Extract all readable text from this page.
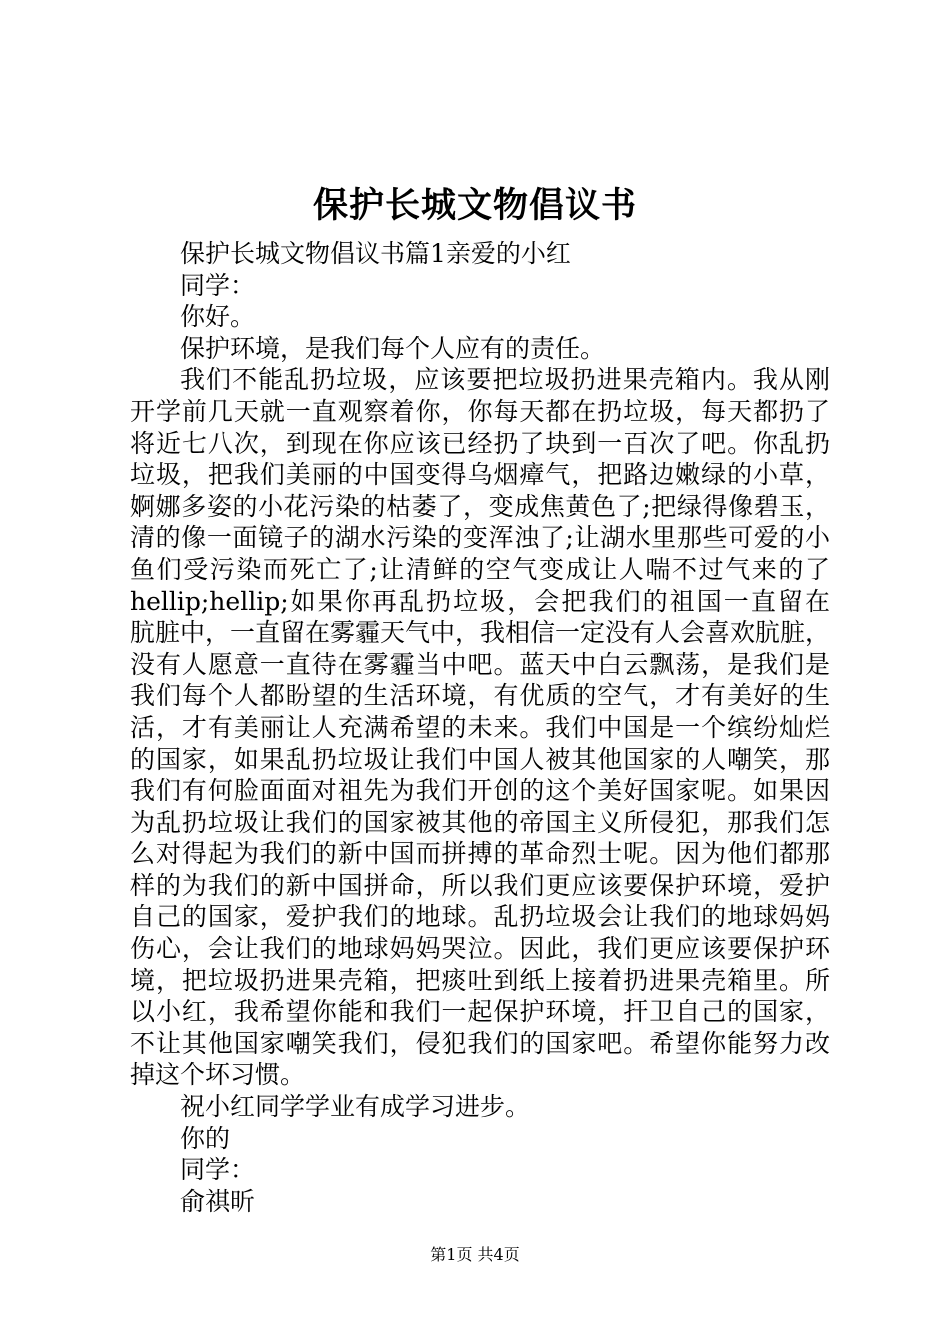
保护长城文物倡议书
保护长城文物倡议书篇1亲爱的小红
同学：
你好。
保护环境，是我们每个人应有的责任。
我们不能乱扔垃圾，应该要把垃圾扔进果壳箱内。我从刚
开学前几天就一直观察着你，你每天都在扔垃圾，每天都扔了
将近七八次，到现在你应该已经扔了块到一百次了吧。你乱扔
垃圾，把我们美丽的中国变得乌烟瘴气，把路边嫩绿的小草，
婀娜多姿的小花污染的枯萎了，变成焦黄色了;把绿得像碧玉，
清的像一面镜子的湖水污染的变浑浊了;让湖水里那些可爱的小
鱼们受污染而死亡了;让清鲜的空气变成让人喘不过气来的了
hellip;hellip;如果你再乱扔垃圾，会把我们的祖国一直留在
肮脏中，一直留在雾霾天气中，我相信一定没有人会喜欢肮脏，
没有人愿意一直待在雾霾当中吧。蓝天中白云飘荡，是我们是
我们每个人都盼望的生活环境，有优质的空气，才有美好的生
活，才有美丽让人充满希望的未来。我们中国是一个缤纷灿烂
的国家，如果乱扔垃圾让我们中国人被其他国家的人嘲笑，那
我们有何脸面面对祖先为我们开创的这个美好国家呢。如果因
为乱扔垃圾让我们的国家被其他的帝国主义所侵犯，那我们怎
么对得起为我们的新中国而拼搏的革命烈士呢。因为他们都那
样的为我们的新中国拼命，所以我们更应该要保护环境，爱护
自己的国家，爱护我们的地球。乱扔垃圾会让我们的地球妈妈
伤心，会让我们的地球妈妈哭泣。因此，我们更应该要保护环
境，把垃圾扔进果壳箱，把痰吐到纸上接着扔进果壳箱里。所
以小红，我希望你能和我们一起保护环境，扞卫自己的国家，
不让其他国家嘲笑我们，侵犯我们的国家吧。希望你能努力改
掉这个坏习惯。
祝小红同学学业有成学习进步。
你的
同学：
俞祺昕
第1页 共4页
